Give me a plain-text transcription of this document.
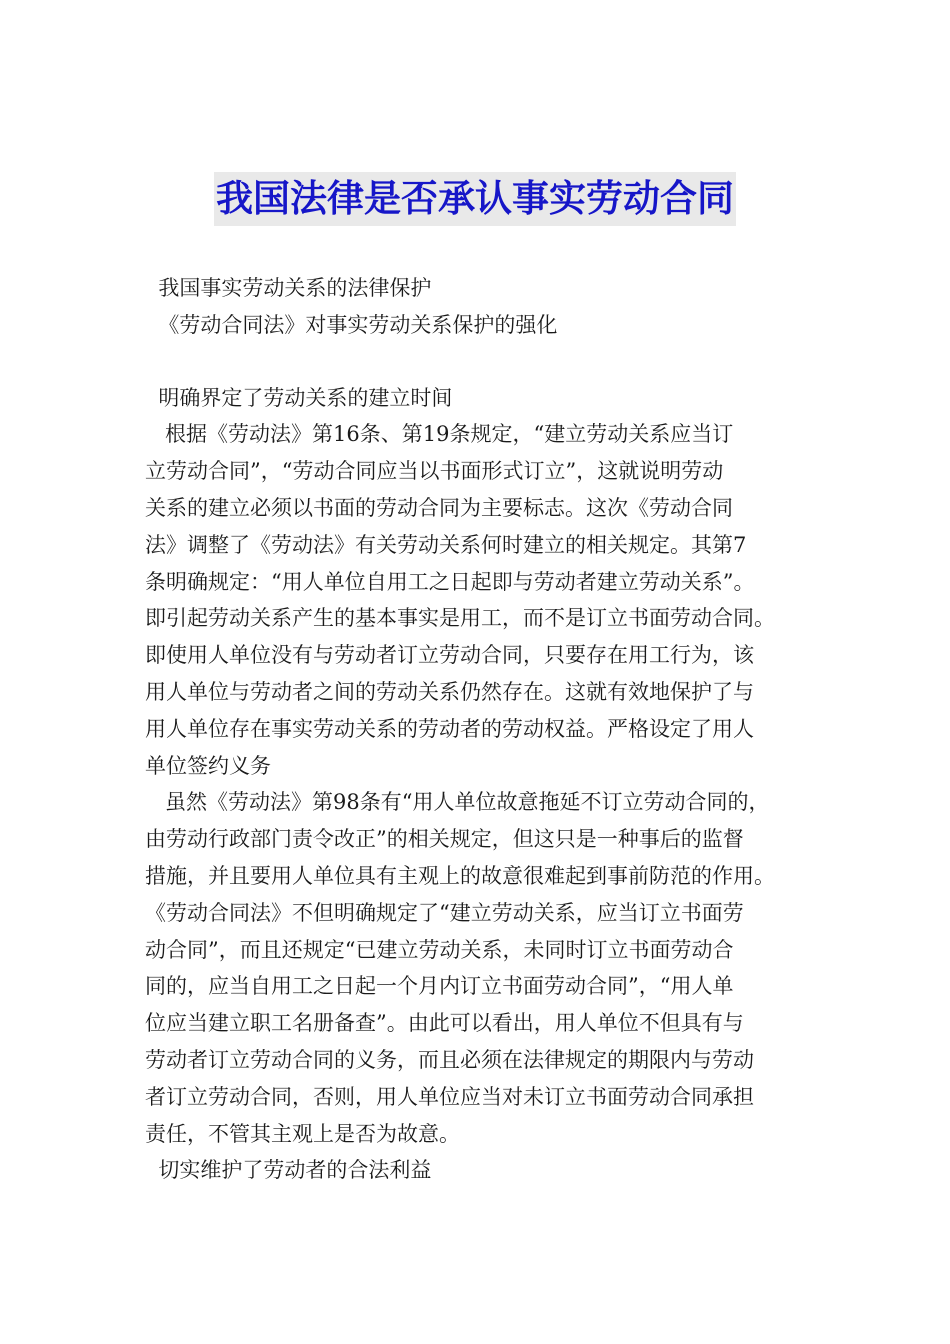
我国法律是否承认事实劳动合同
我国事实劳动关系的法律保护
《劳动合同法》对事实劳动关系保护的强化
明确界定了劳动关系的建立时间
根据《劳动法》第16条、第19条规定，“建立劳动关系应当订
立劳动合同”，“劳动合同应当以书面形式订立”，这就说明劳动
关系的建立必须以书面的劳动合同为主要标志。这次《劳动合同
法》调整了《劳动法》有关劳动关系何时建立的相关规定。其第7
条明确规定：“用人单位自用工之日起即与劳动者建立劳动关系”。
即引起劳动关系产生的基本事实是用工，而不是订立书面劳动合同。
即使用人单位没有与劳动者订立劳动合同，只要存在用工行为，该
用人单位与劳动者之间的劳动关系仍然存在。这就有效地保护了与
用人单位存在事实劳动关系的劳动者的劳动权益。严格设定了用人
单位签约义务
虽然《劳动法》第98条有“用人单位故意拖延不订立劳动合同的，
由劳动行政部门责令改正”的相关规定，但这只是一种事后的监督
措施，并且要用人单位具有主观上的故意很难起到事前防范的作用。
《劳动合同法》不但明确规定了“建立劳动关系，应当订立书面劳
动合同”，而且还规定“已建立劳动关系，未同时订立书面劳动合
同的，应当自用工之日起一个月内订立书面劳动合同”，“用人单
位应当建立职工名册备查”。由此可以看出，用人单位不但具有与
劳动者订立劳动合同的义务，而且必须在法律规定的期限内与劳动
者订立劳动合同，否则，用人单位应当对未订立书面劳动合同承担
责任，不管其主观上是否为故意。
切实维护了劳动者的合法利益
